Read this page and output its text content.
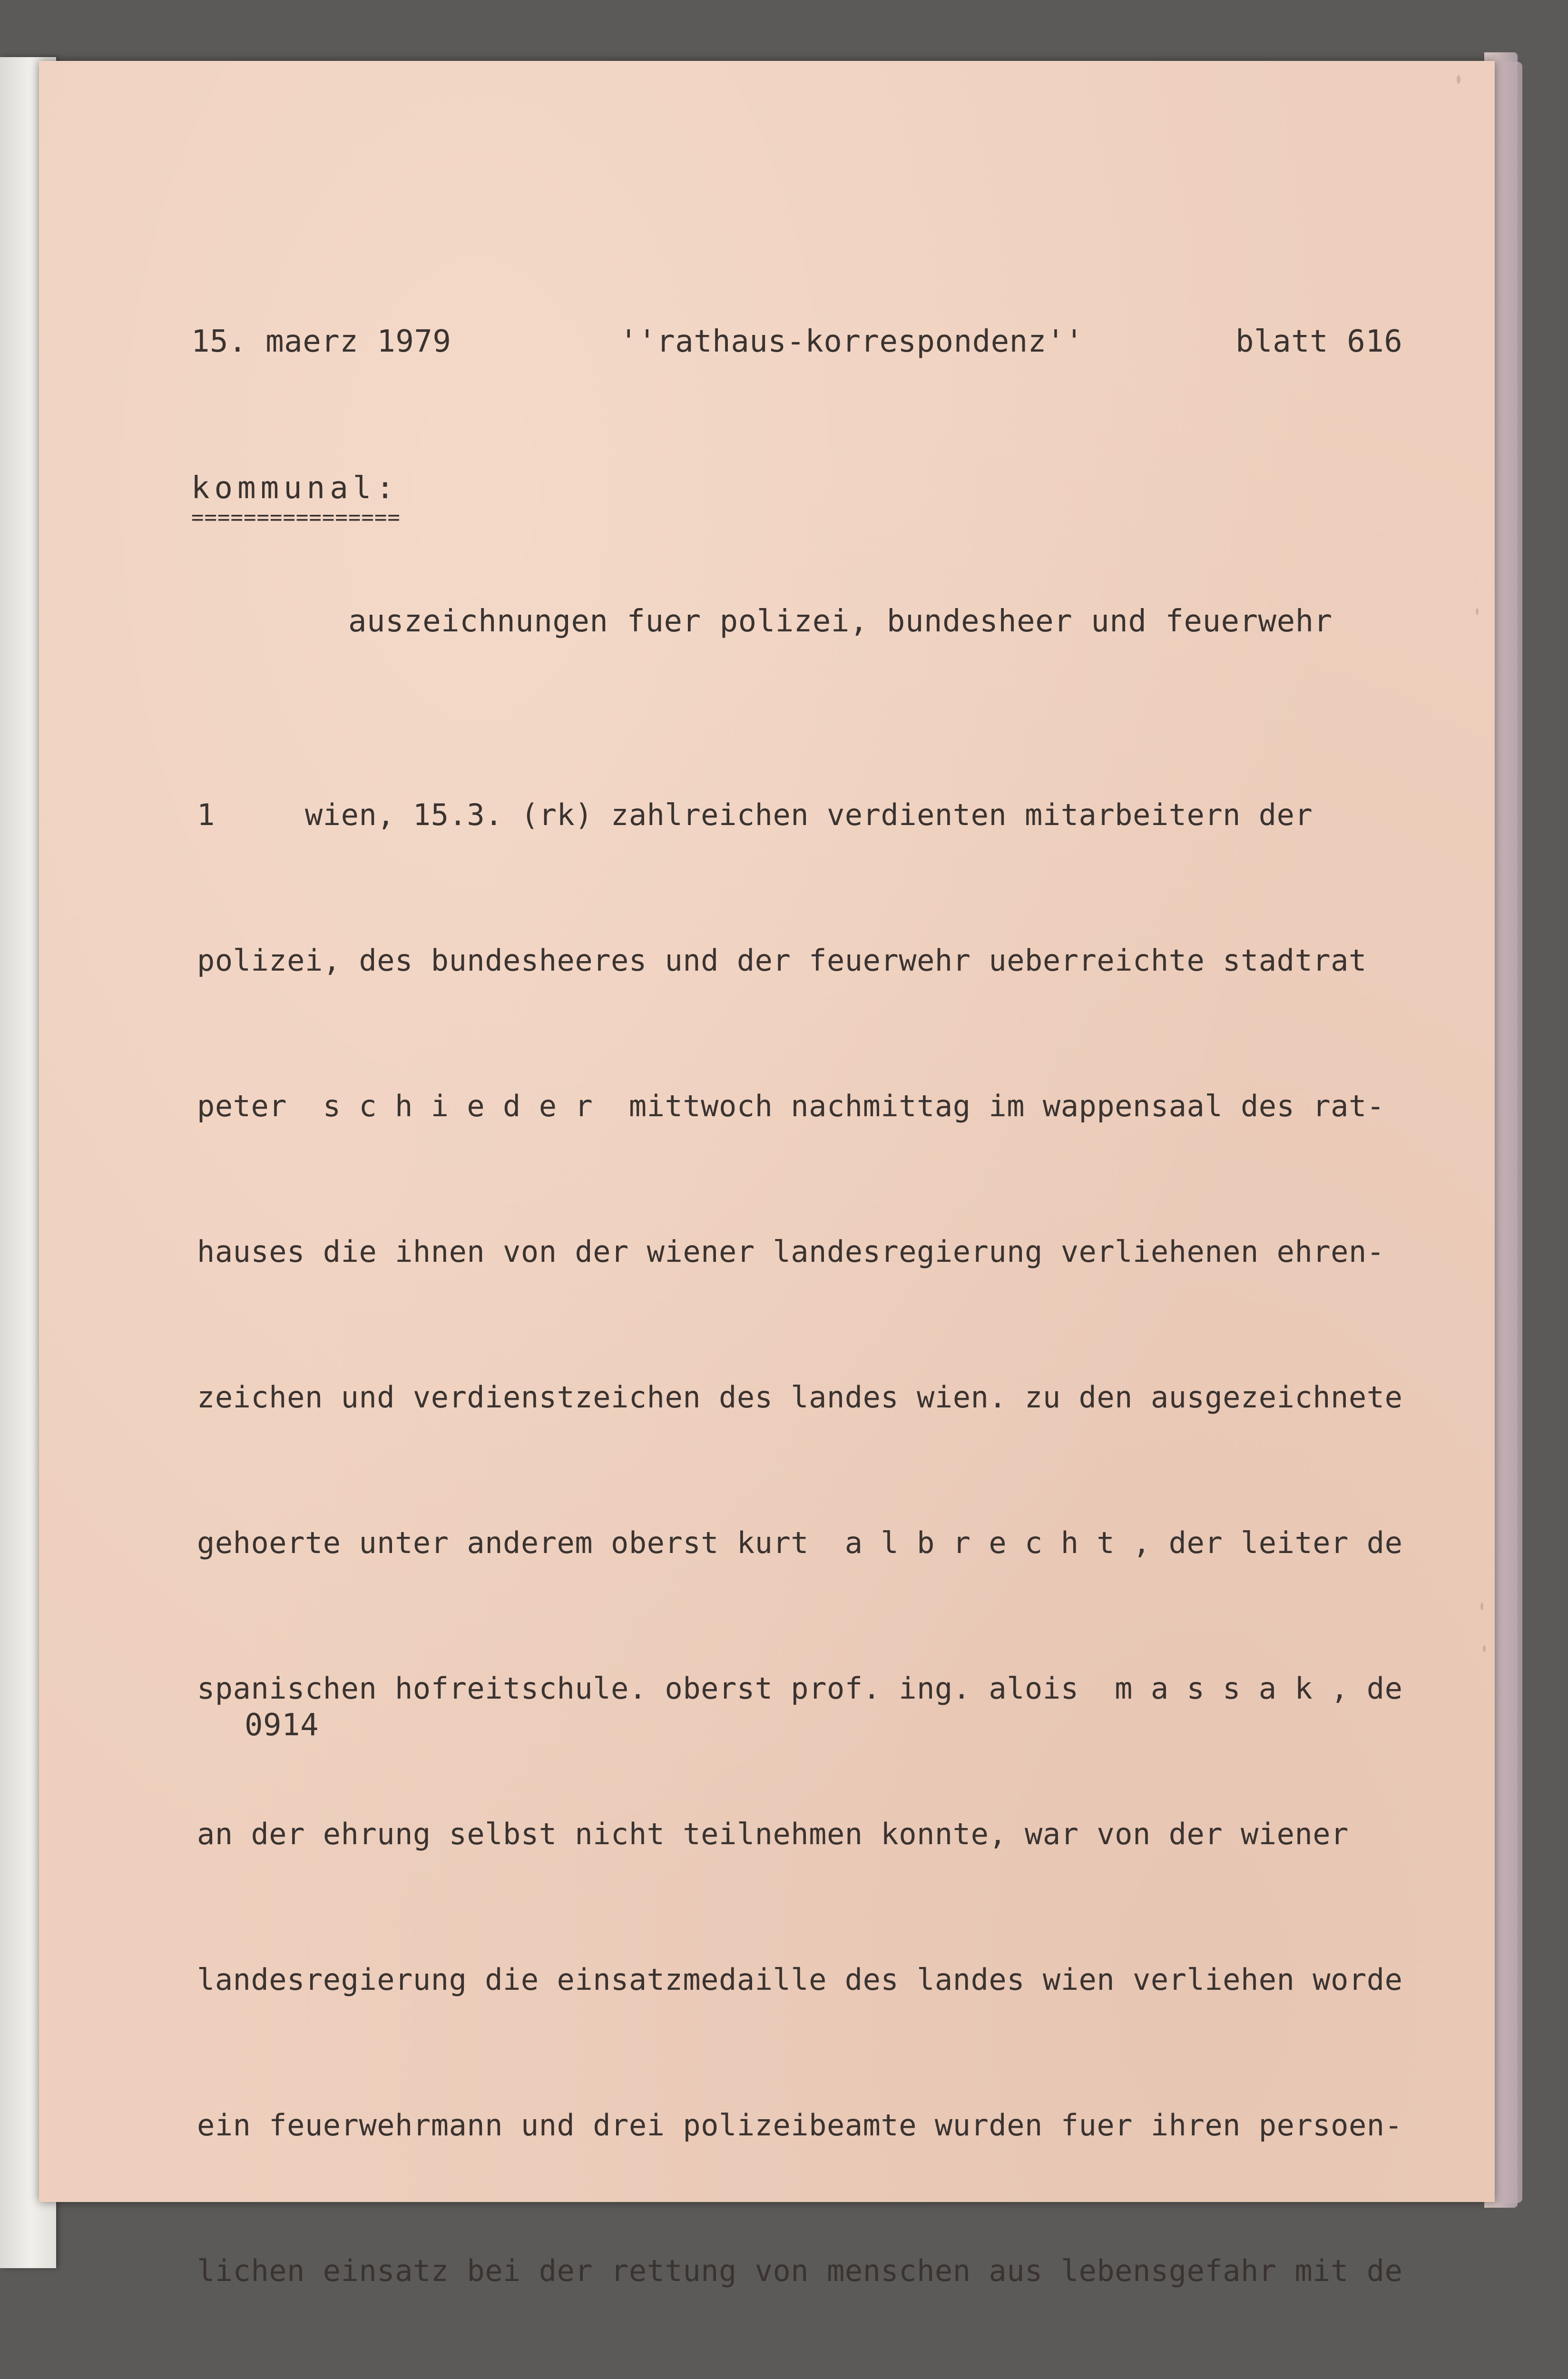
15. maerz 1979	''rathaus-korrespondenz''	blatt 616
kommunal:
================
auszeichnungen fuer polizei, bundesheer und feuerwehr

1     wien, 15.3. (rk) zahlreichen verdienten mitarbeitern der

polizei, des bundesheeres und der feuerwehr ueberreichte stadtrat

peter  s c h i e d e r  mittwoch nachmittag im wappensaal des rat-

hauses die ihnen von der wiener landesregierung verliehenen ehren-

zeichen und verdienstzeichen des landes wien. zu den ausgezeichnete

gehoerte unter anderem oberst kurt  a l b r e c h t , der leiter de

spanischen hofreitschule. oberst prof. ing. alois  m a s s a k , de

an der ehrung selbst nicht teilnehmen konnte, war von der wiener

landesregierung die einsatzmedaille des landes wien verliehen worde

ein feuerwehrmann und drei polizeibeamte wurden fuer ihren persoen-

lichen einsatz bei der rettung von menschen aus lebensgefahr mit de

0914
